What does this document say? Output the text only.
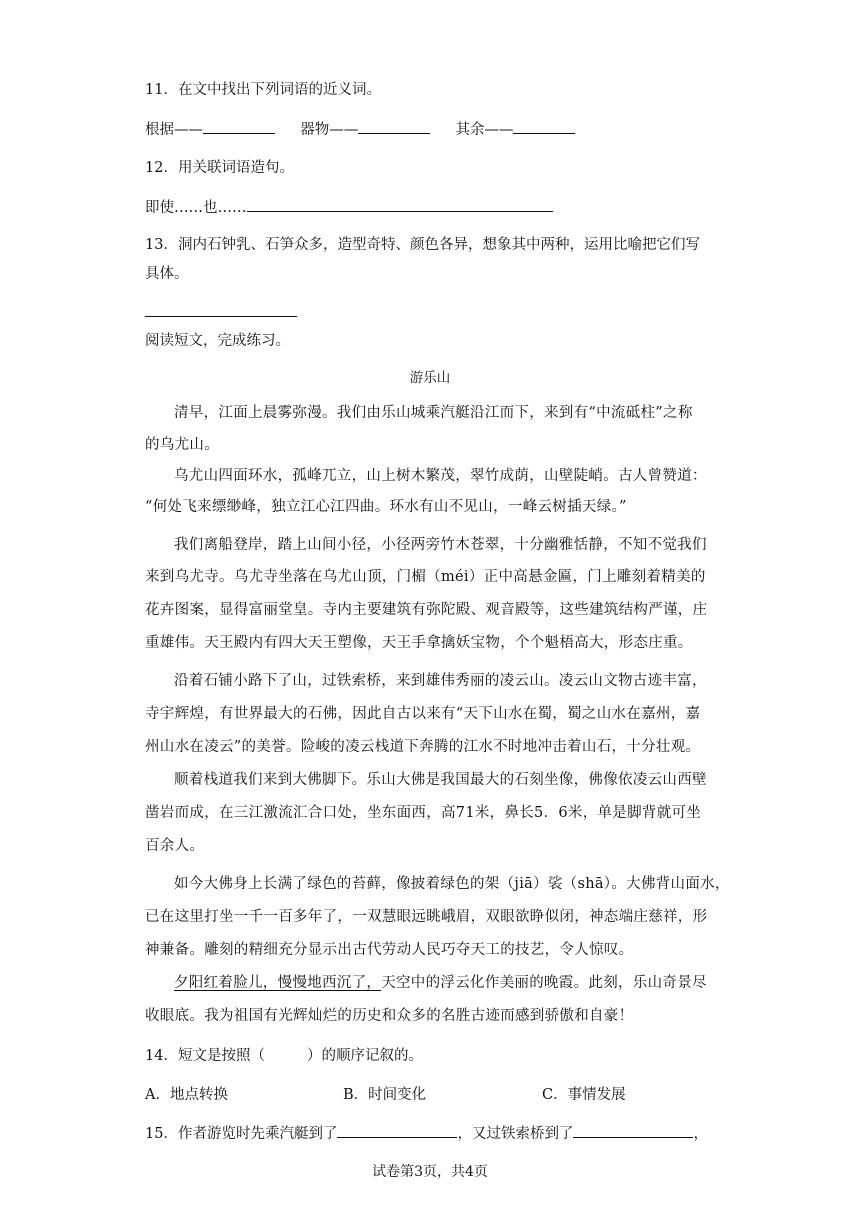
11．在文中找出下列词语的近义词。
根据——	器物——	其余——
12．用关联词语造句。
即使……也……
13．洞内石钟乳、石笋众多，造型奇特、颜色各异，想象其中两种，运用比喻把它们写
具体。
阅读短文，完成练习。
游乐山
清早，江面上晨雾弥漫。我们由乐山城乘汽艇沿江而下，来到有“中流砥柱”之称
的乌尤山。
乌尤山四面环水，孤峰兀立，山上树木繁茂，翠竹成荫，山壁陡峭。古人曾赞道：
“何处飞来缥缈峰，独立江心江四曲。环水有山不见山，一峰云树插天绿。”
我们离船登岸，踏上山间小径，小径两旁竹木苍翠，十分幽雅恬静，不知不觉我们
来到乌尤寺。乌尤寺坐落在乌尤山顶，门楣（méi）正中高悬金匾，门上雕刻着精美的
花卉图案，显得富丽堂皇。寺内主要建筑有弥陀殿、观音殿等，这些建筑结构严谨，庄
重雄伟。天王殿内有四大天王塑像，天王手拿擒妖宝物，个个魁梧高大，形态庄重。
沿着石铺小路下了山，过铁索桥，来到雄伟秀丽的凌云山。凌云山文物古迹丰富，
寺宇辉煌，有世界最大的石佛，因此自古以来有“天下山水在蜀，蜀之山水在嘉州，嘉
州山水在凌云”的美誉。险峻的凌云栈道下奔腾的江水不时地冲击着山石，十分壮观。
顺着栈道我们来到大佛脚下。乐山大佛是我国最大的石刻坐像，佛像依凌云山西壁
凿岩而成，在三江激流汇合口处，坐东面西，高71米，鼻长5．6米，单是脚背就可坐
百余人。
如今大佛身上长满了绿色的苔藓，像披着绿色的架（jiā）裟（shā）。大佛背山面水，
已在这里打坐一千一百多年了，一双慧眼远眺峨眉，双眼欲睁似闭，神态端庄慈祥，形
神兼备。雕刻的精细充分显示出古代劳动人民巧夺天工的技艺，令人惊叹。
夕阳红着脸儿，慢慢地西沉了，天空中的浮云化作美丽的晚霞。此刻，乐山奇景尽
收眼底。我为祖国有光辉灿烂的历史和众多的名胜古迹而感到骄傲和自豪！
14．短文是按照（	）的顺序记叙的。
A．地点转换	B．时间变化	C．事情发展
15．作者游览时先乘汽艇到了	，又过铁索桥到了	，
试卷第3页，共4页
